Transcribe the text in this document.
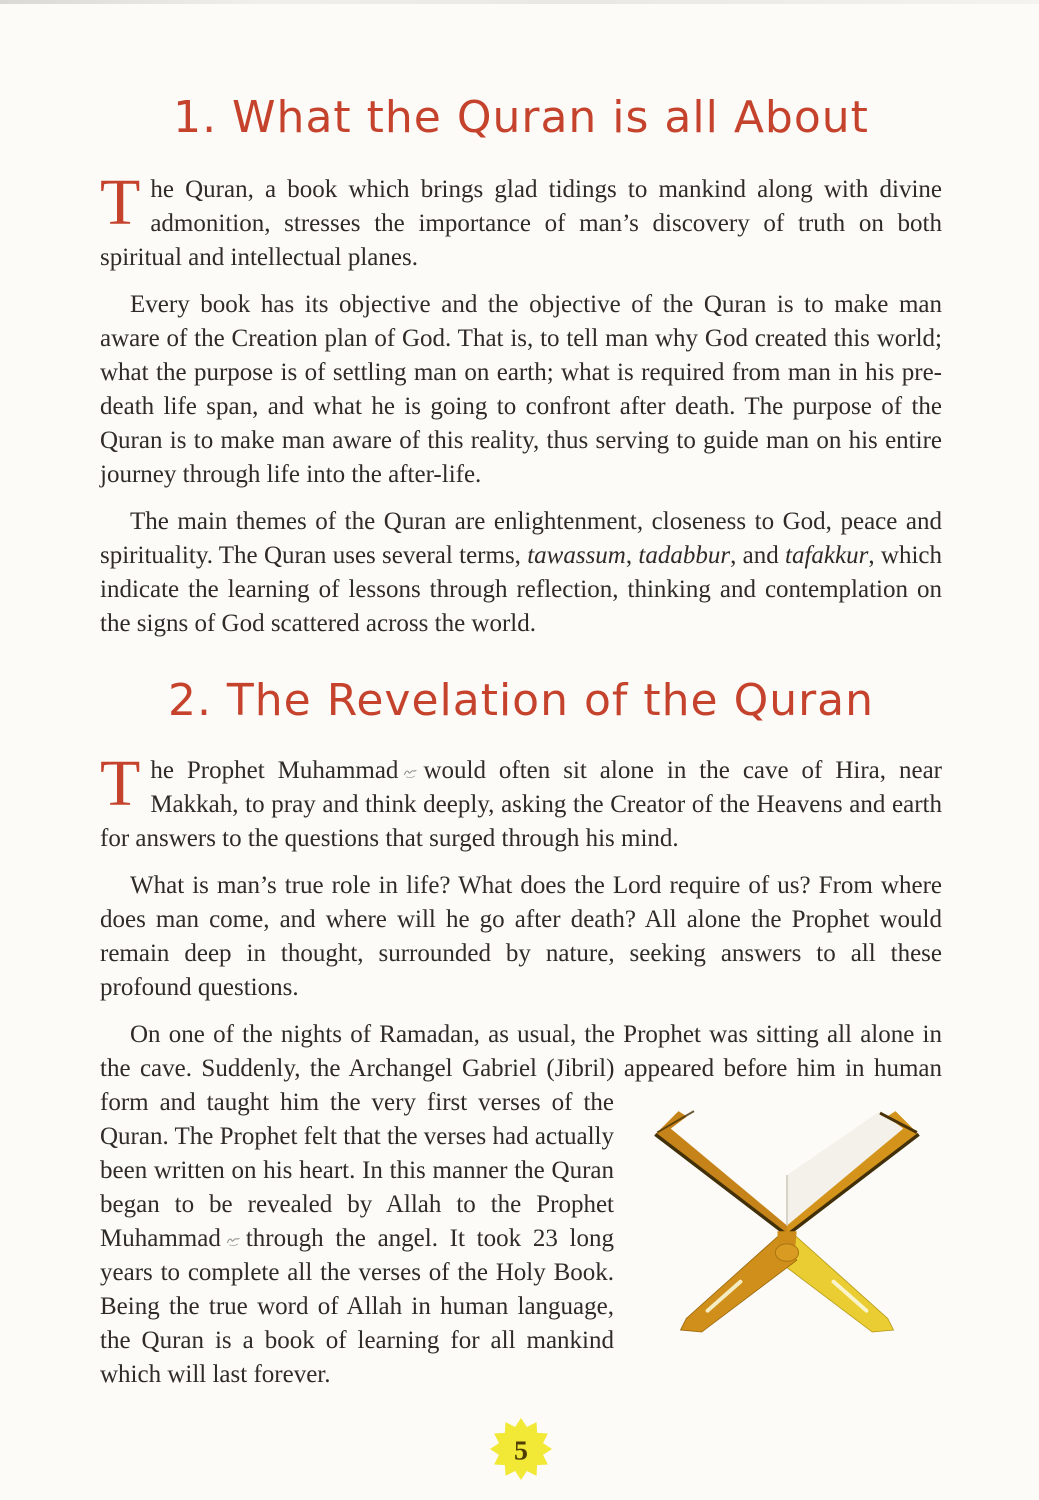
1. What the Quran is all About

The Quran, a book which brings glad tidings to mankind along with divine admonition, stresses the importance of man’s discovery of truth on both spiritual and intellectual planes.

Every book has its objective and the objective of the Quran is to make man aware of the Creation plan of God. That is, to tell man why God created this world; what the purpose is of settling man on earth; what is required from man in his pre-death life span, and what he is going to confront after death. The purpose of the Quran is to make man aware of this reality, thus serving to guide man on his entire journey through life into the after-life.

The main themes of the Quran are enlightenment, closeness to God, peace and spirituality. The Quran uses several terms, tawassum, tadabbur, and tafakkur, which indicate the learning of lessons through reflection, thinking and contemplation on the signs of God scattered across the world.

2. The Revelation of the Quran

The Prophet Muhammad would often sit alone in the cave of Hira, near Makkah, to pray and think deeply, asking the Creator of the Heavens and earth for answers to the questions that surged through his mind.

What is man’s true role in life? What does the Lord require of us? From where does man come, and where will he go after death? All alone the Prophet would remain deep in thought, surrounded by nature, seeking answers to all these profound questions.

On one of the nights of Ramadan, as usual, the Prophet was sitting all alone in the cave. Suddenly, the Archangel Gabriel (Jibril) appeared before him in
human form and taught him the very first verses of the Quran. The Prophet felt that the verses had actually been written on his heart. In this manner the Quran began to be revealed by Allah to the Prophet Muhammad through the angel. It took 23 long years to complete all the verses of the Holy Book. Being the true word of Allah in human language, the Quran is a book of learning for all mankind which will last forever.

5
